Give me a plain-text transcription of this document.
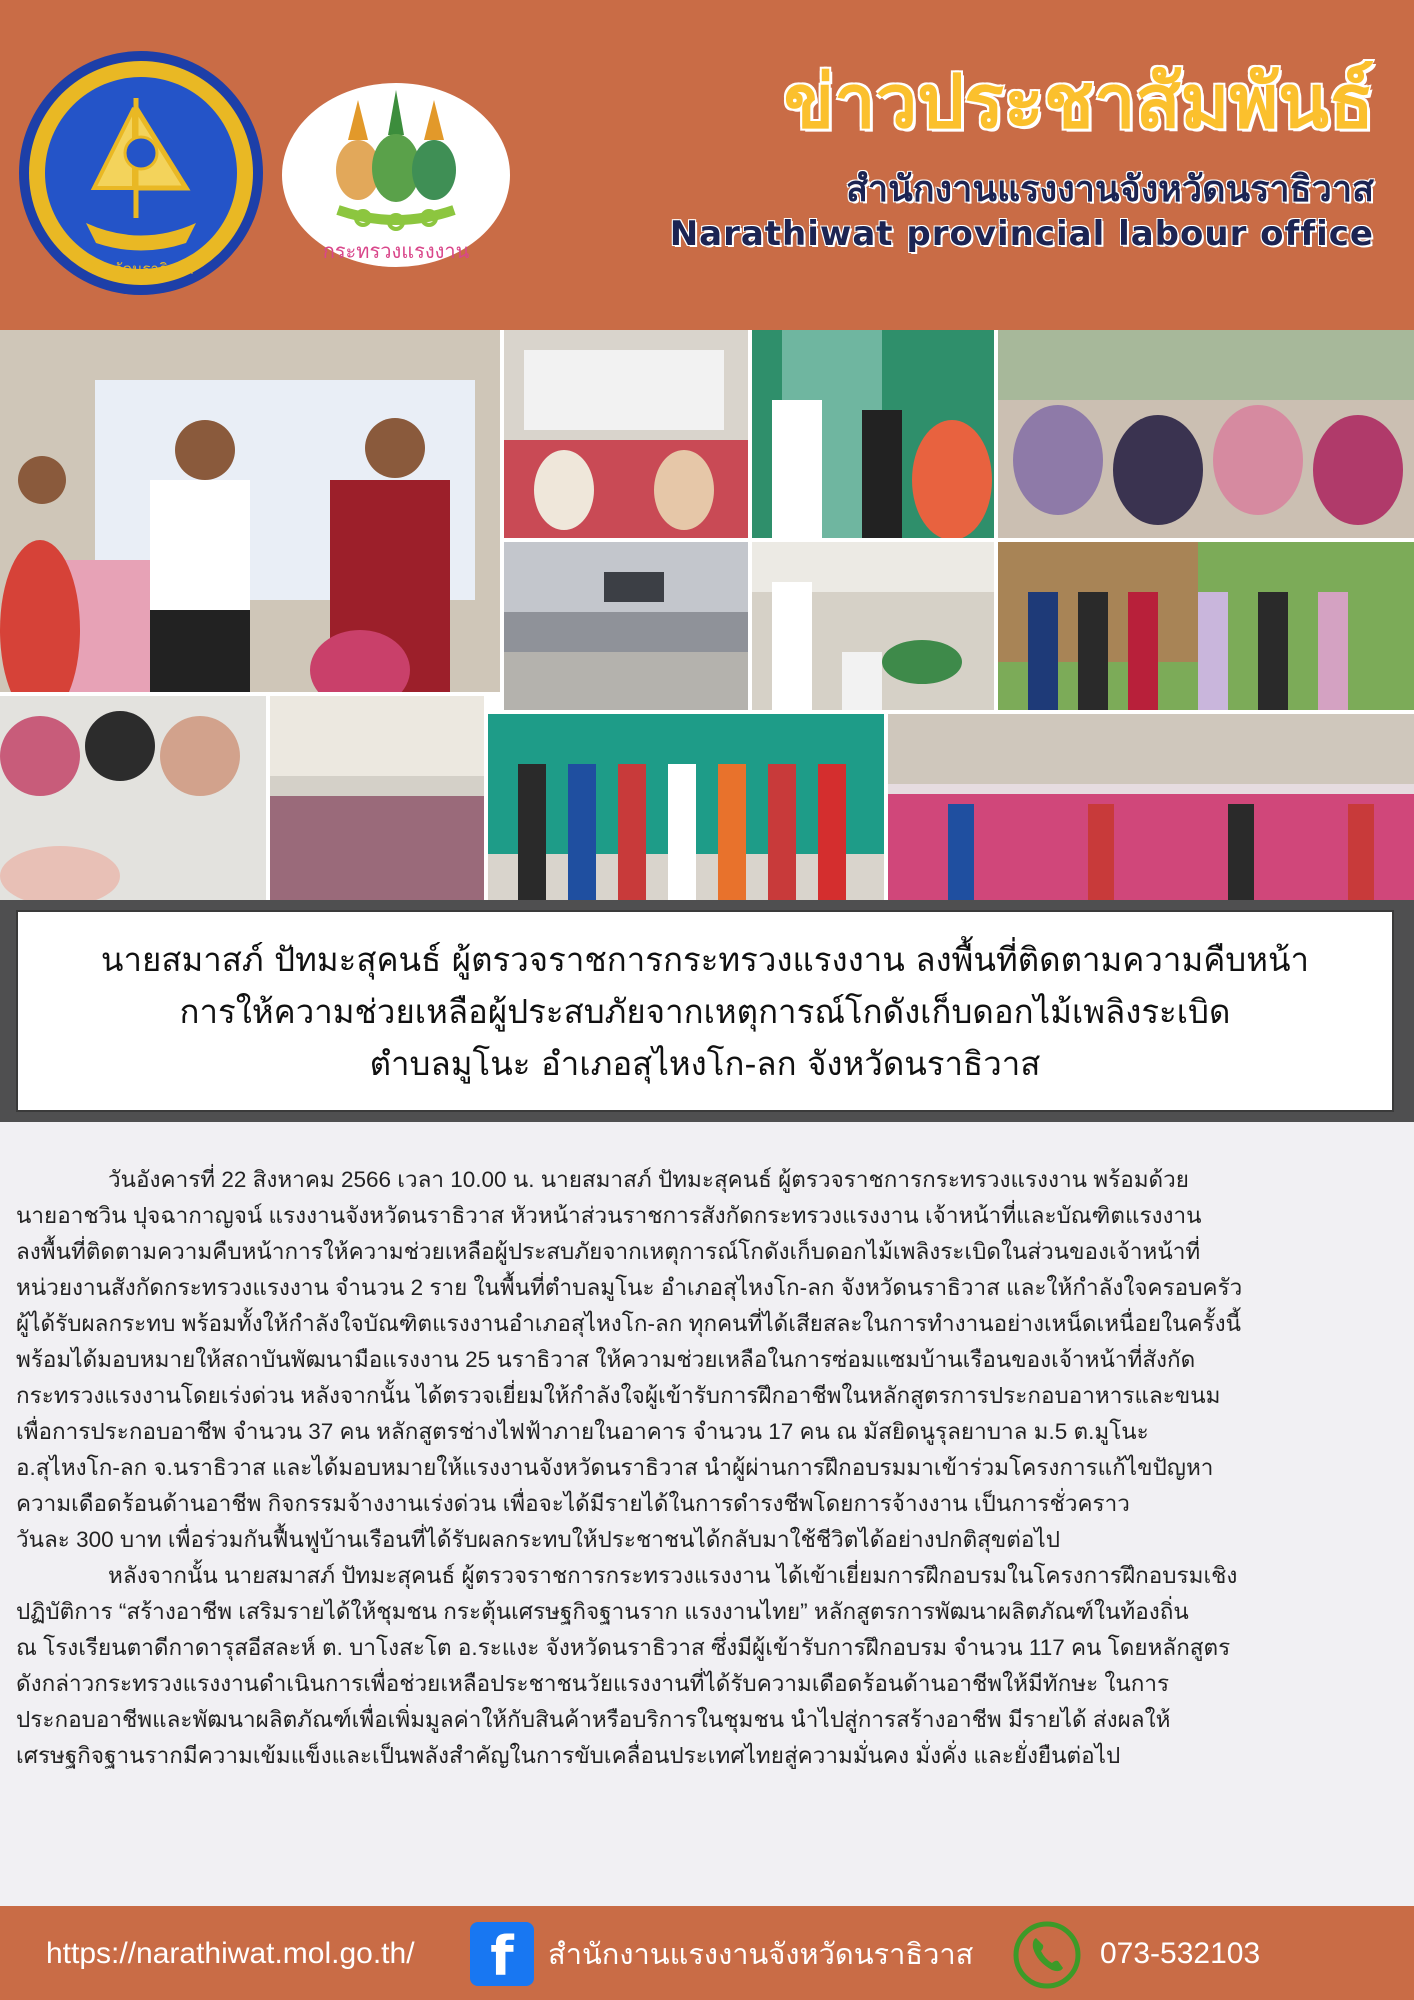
จังหวัดนราธิวาส
กระทรวงแรงงาน
ข่าวประชาสัมพันธ์
สำนักงานแรงงานจังหวัดนราธิวาส
Narathiwat provincial labour office
นายสมาสภ์ ปัทมะสุคนธ์ ผู้ตรวจราชการกระทรวงแรงงาน ลงพื้นที่ติดตามความคืบหน้า
การให้ความช่วยเหลือผู้ประสบภัยจากเหตุการณ์โกดังเก็บดอกไม้เพลิงระเบิด
ตำบลมูโนะ อำเภอสุไหงโก-ลก จังหวัดนราธิวาส
วันอังคารที่ 22 สิงหาคม 2566 เวลา 10.00 น. นายสมาสภ์ ปัทมะสุคนธ์ ผู้ตรวจราชการกระทรวงแรงงาน พร้อมด้วย
นายอาชวิน ปุจฉากาญจน์ แรงงานจังหวัดนราธิวาส หัวหน้าส่วนราชการสังกัดกระทรวงแรงงาน เจ้าหน้าที่และบัณฑิตแรงงาน
ลงพื้นที่ติดตามความคืบหน้าการให้ความช่วยเหลือผู้ประสบภัยจากเหตุการณ์โกดังเก็บดอกไม้เพลิงระเบิดในส่วนของเจ้าหน้าที่
หน่วยงานสังกัดกระทรวงแรงงาน จำนวน 2 ราย ในพื้นที่ตำบลมูโนะ อำเภอสุไหงโก-ลก จังหวัดนราธิวาส และให้กำลังใจครอบครัว
ผู้ได้รับผลกระทบ พร้อมทั้งให้กำลังใจบัณฑิตแรงงานอำเภอสุไหงโก-ลก ทุกคนที่ได้เสียสละในการทำงานอย่างเหน็ดเหนื่อยในครั้งนี้
พร้อมได้มอบหมายให้สถาบันพัฒนามือแรงงาน 25 นราธิวาส ให้ความช่วยเหลือในการซ่อมแซมบ้านเรือนของเจ้าหน้าที่สังกัด
กระทรวงแรงงานโดยเร่งด่วน หลังจากนั้น ได้ตรวจเยี่ยมให้กำลังใจผู้เข้ารับการฝึกอาชีพในหลักสูตรการประกอบอาหารและขนม
เพื่อการประกอบอาชีพ จำนวน 37 คน หลักสูตรช่างไฟฟ้าภายในอาคาร จำนวน 17 คน ณ มัสยิดนูรุลยาบาล ม.5 ต.มูโนะ
อ.สุไหงโก-ลก จ.นราธิวาส และได้มอบหมายให้แรงงานจังหวัดนราธิวาส นำผู้ผ่านการฝึกอบรมมาเข้าร่วมโครงการแก้ไขปัญหา
ความเดือดร้อนด้านอาชีพ กิจกรรมจ้างงานเร่งด่วน เพื่อจะได้มีรายได้ในการดำรงชีพโดยการจ้างงาน เป็นการชั่วคราว
วันละ 300 บาท เพื่อร่วมกันฟื้นฟูบ้านเรือนที่ได้รับผลกระทบให้ประชาชนได้กลับมาใช้ชีวิตได้อย่างปกติสุขต่อไป
หลังจากนั้น นายสมาสภ์ ปัทมะสุคนธ์ ผู้ตรวจราชการกระทรวงแรงงาน ได้เข้าเยี่ยมการฝึกอบรมในโครงการฝึกอบรมเชิง
ปฏิบัติการ “สร้างอาชีพ เสริมรายได้ให้ชุมชน กระตุ้นเศรษฐกิจฐานราก แรงงานไทย” หลักสูตรการพัฒนาผลิตภัณฑ์ในท้องถิ่น
ณ โรงเรียนตาดีกาดารุสอีสละห์ ต. บาโงสะโต อ.ระแงะ จังหวัดนราธิวาส ซึ่งมีผู้เข้ารับการฝึกอบรม จำนวน 117 คน โดยหลักสูตร
ดังกล่าวกระทรวงแรงงานดำเนินการเพื่อช่วยเหลือประชาชนวัยแรงงานที่ได้รับความเดือดร้อนด้านอาชีพให้มีทักษะ ในการ
ประกอบอาชีพและพัฒนาผลิตภัณฑ์เพื่อเพิ่มมูลค่าให้กับสินค้าหรือบริการในชุมชน นำไปสู่การสร้างอาชีพ มีรายได้ ส่งผลให้
เศรษฐกิจฐานรากมีความเข้มแข็งและเป็นพลังสำคัญในการขับเคลื่อนประเทศไทยสู่ความมั่นคง มั่งคั่ง และยั่งยืนต่อไป
https://narathiwat.mol.go.th/	f	สำนักงานแรงงานจังหวัดนราธิวาส	073-532103
